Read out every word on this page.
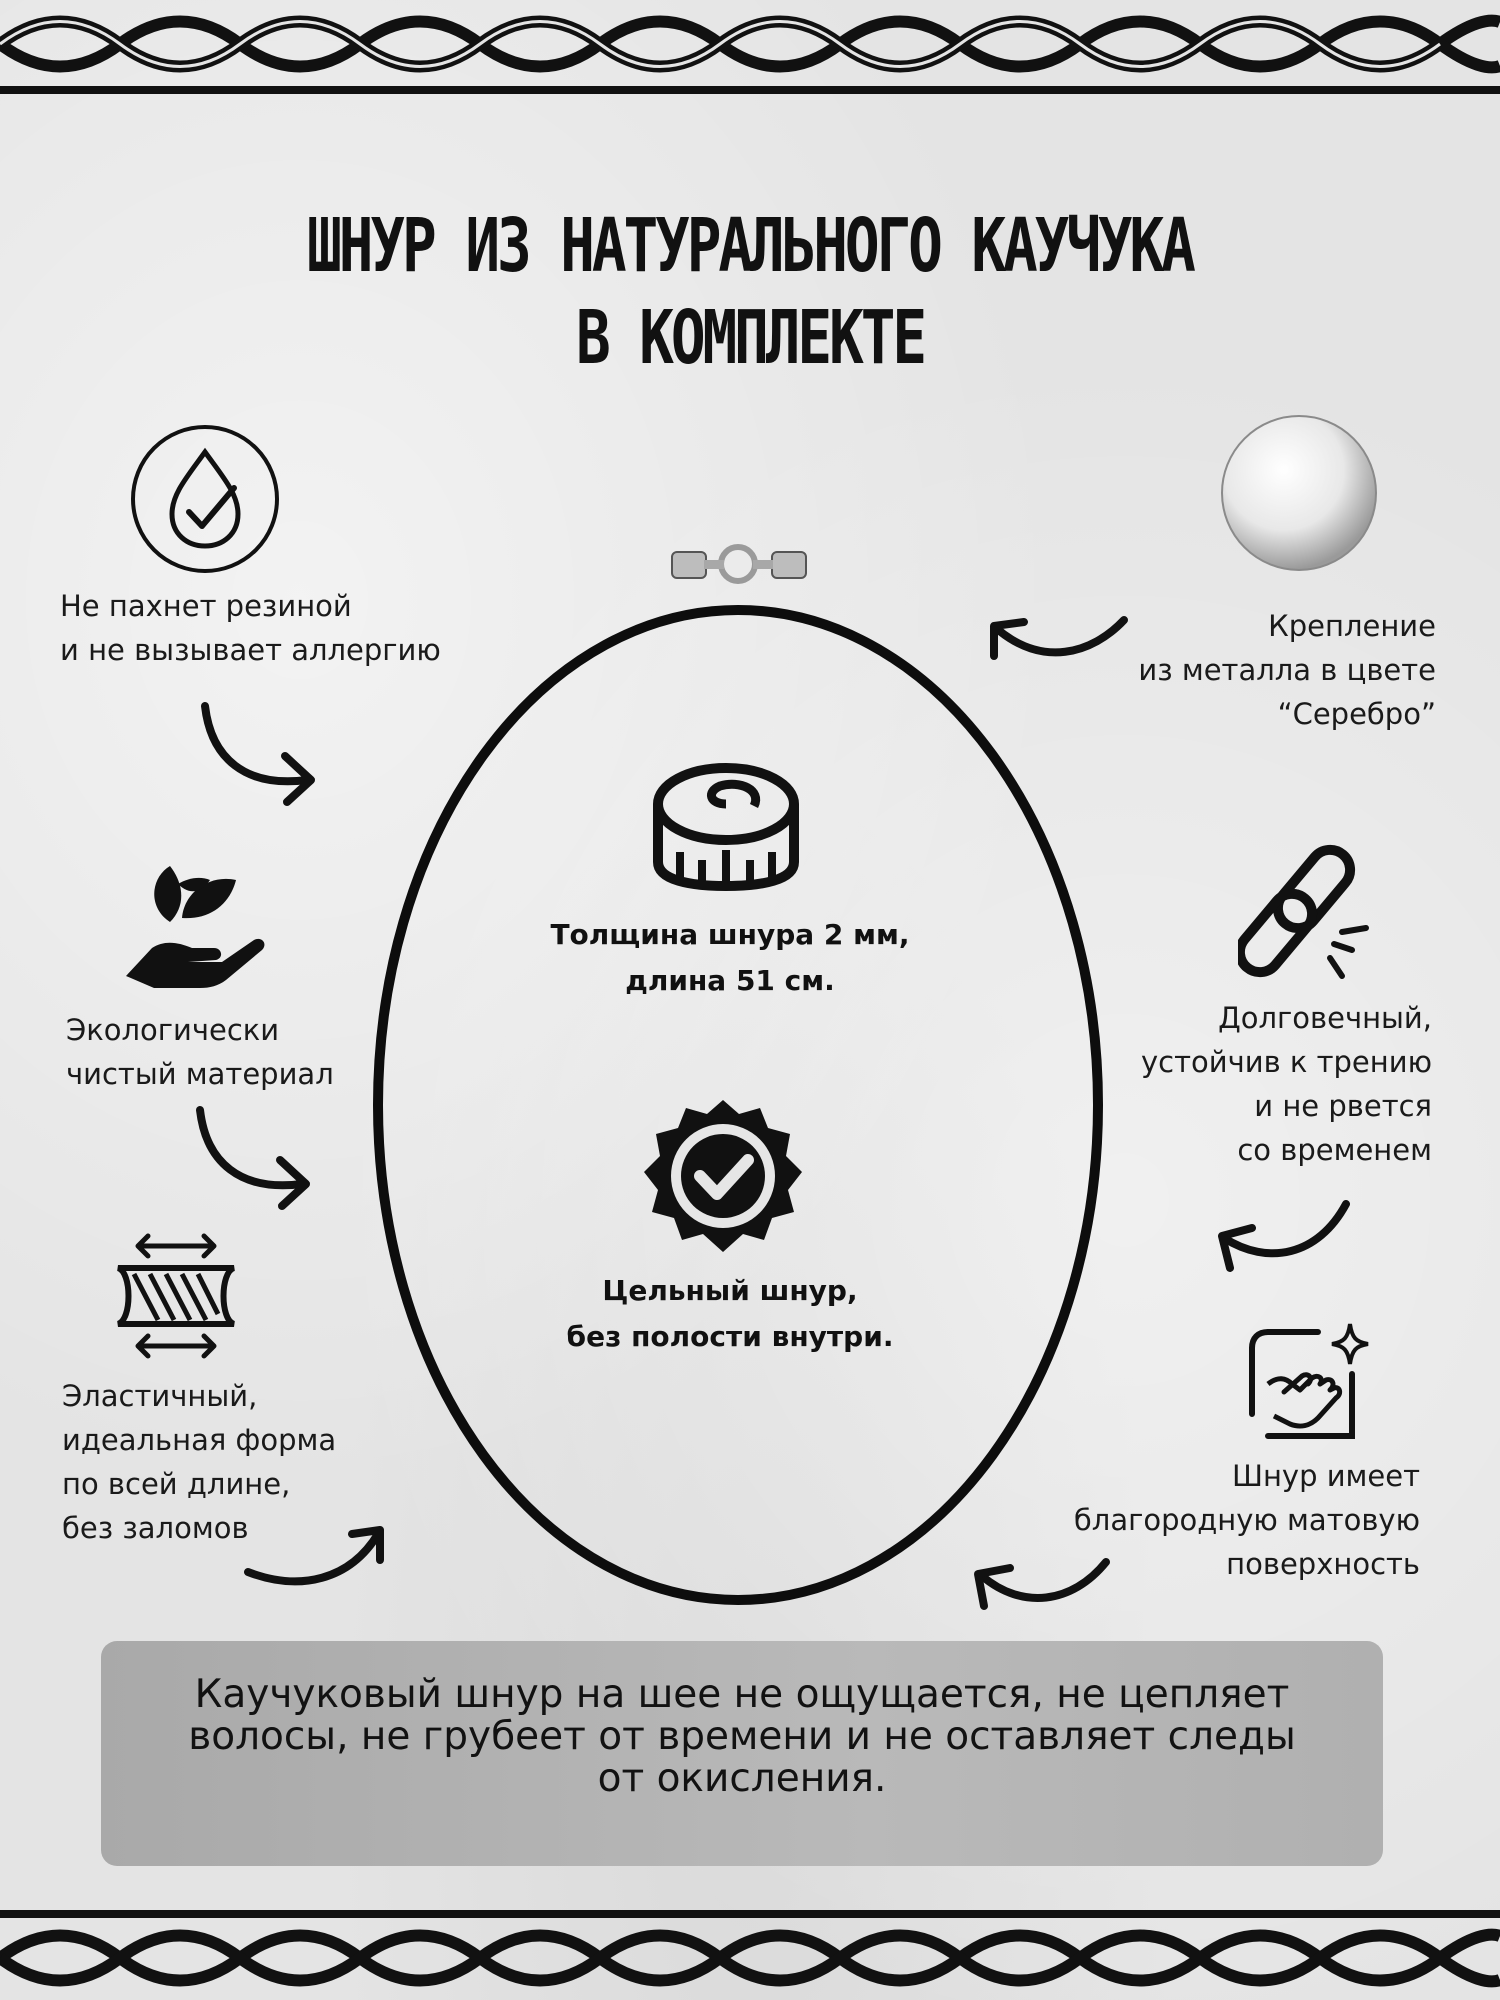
ШНУР ИЗ НАТУРАЛЬНОГО КАУЧУКА
В КОМПЛЕКТЕ
Не пахнет резиной
и не вызывает аллергию
Экологически
чистый материал
Эластичный,
идеальная форма
по всей длине,
без заломов
Толщина шнура 2 мм,
длина 51 см.
Цельный шнур,
без полости внутри.
Крепление
из металла в цвете
“Серебро”
Долговечный,
устойчив к трению
и не рвется
со временем
Шнур имеет
благородную матовую
поверхность
Каучуковый шнур на шее не ощущается, не цепляет
волосы, не грубеет от времени и не оставляет следы
от окисления.
